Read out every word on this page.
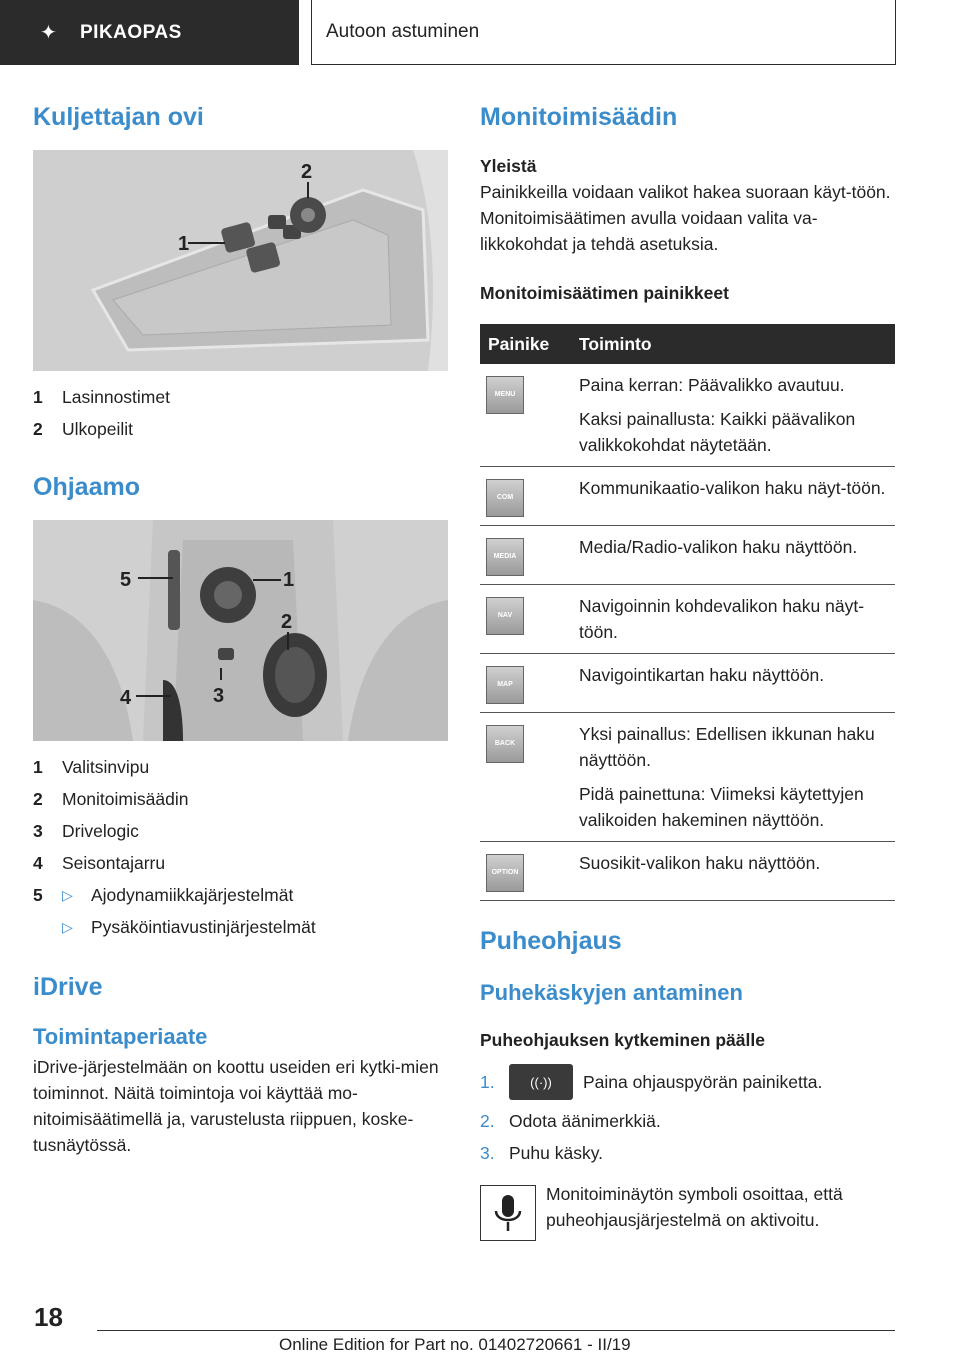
✦	PIKAOPAS	Autoon astuminen
Kuljettajan ovi
1
2
1	Lasinnostimet
2	Ulkopeilit
Ohjaamo
5	1
2
4	3
1	Valitsinvipu
2	Monitoimisäädin
3	Drivelogic
4	Seisontajarru
5	▷	Ajodynamiikkajärjestelmät
▷	Pysäköintiavustinjärjestelmät
iDrive
Toimintaperiaate
iDrive-järjestelmään on koottu useiden eri kytki-mien toiminnot. Näitä toimintoja voi käyttää mo-nitoimisäätimellä ja, varustelusta riippuen, koske-tusnäytössä.
Monitoimisäädin
Yleistä
Painikkeilla voidaan valikot hakea suoraan käyt-töön. Monitoimisäätimen avulla voidaan valita va-likkokohdat ja tehdä asetuksia.
Monitoimisäätimen painikkeet
Painike	Toiminto

MENU	Paina kerran: Päävalikko avautuu.

Kaksi painallusta: Kaikki päävalikon valikkokohdat näytetään.

COM	Kommunikaatio-valikon haku näyt-töön.

MEDIA	Media/Radio-valikon haku näyttöön.

NAV	Navigoinnin kohdevalikon haku näyt-töön.

MAP	Navigointikartan haku näyttöön.

BACK	Yksi painallus: Edellisen ikkunan haku näyttöön.

Pidä painettuna: Viimeksi käytettyjen valikoiden hakeminen näyttöön.

OPTION	Suosikit-valikon haku näyttöön.

Puheohjaus
Puhekäskyjen antaminen
Puheohjauksen kytkeminen päälle
1.	((·))	Paina ohjauspyörän painiketta.
2. Odota äänimerkkiä.
3. Puhu käsky.
Monitoiminäytön symboli osoittaa, että puheohjausjärjestelmä on aktivoitu.
18
Online Edition for Part no. 01402720661 - II/19
